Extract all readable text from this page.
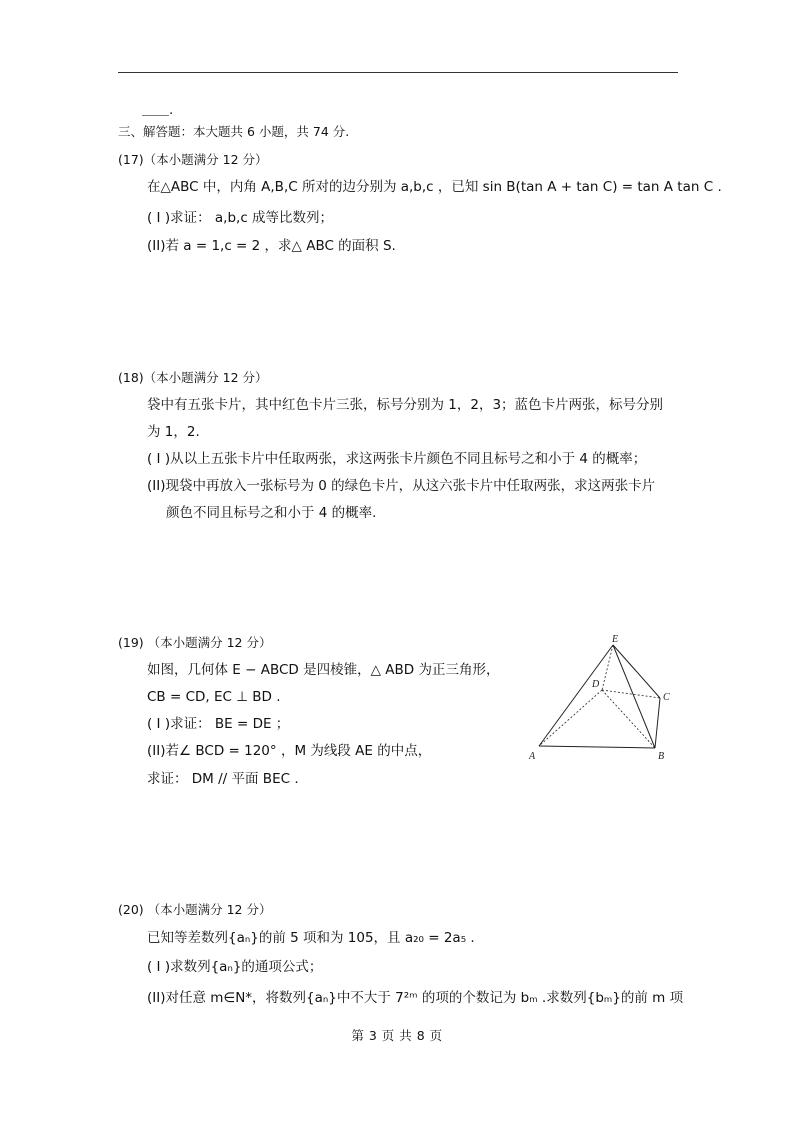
＿＿.
三、解答题：本大题共 6 小题，共 74 分.
(17)（本小题满分 12 分）
在△ABC 中，内角 A,B,C 所对的边分别为 a,b,c ，已知 sin B(tan A + tan C) = tan A tan C .
( I )求证： a,b,c 成等比数列；
(II)若 a = 1,c = 2 ，求△ ABC 的面积 S.
(18)（本小题满分 12 分）
袋中有五张卡片，其中红色卡片三张，标号分别为 1，2，3；蓝色卡片两张，标号分别
为 1，2.
( I )从以上五张卡片中任取两张，求这两张卡片颜色不同且标号之和小于 4 的概率；
(II)现袋中再放入一张标号为 0 的绿色卡片，从这六张卡片中任取两张，求这两张卡片
颜色不同且标号之和小于 4 的概率.
(19) （本小题满分 12 分）
如图，几何体 E − ABCD 是四棱锥，△ ABD 为正三角形，
CB = CD, EC ⊥ BD .
( I )求证： BE = DE ；
(II)若∠ BCD = 120° ，M 为线段 AE 的中点，
求证： DM // 平面 BEC .
E
D
C
A	B
(20) （本小题满分 12 分）
已知等差数列{aₙ}的前 5 项和为 105，且 a₂₀ = 2a₅ .
( I )求数列{aₙ}的通项公式；
(II)对任意 m∈N*，将数列{aₙ}中不大于 7²ᵐ 的项的个数记为 bₘ .求数列{bₘ}的前 m 项
第 3 页 共 8 页
